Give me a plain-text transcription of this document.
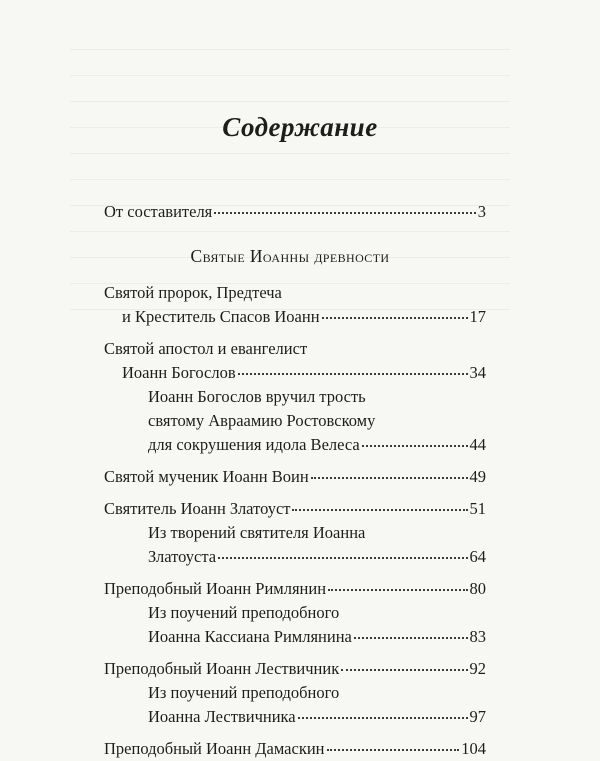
Содержание
От составителя	3
Святые Иоанны древности
Святой пророк, Предтеча
и Креститель Спасов Иоанн	17
Святой апостол и евангелист
Иоанн Богослов	34
Иоанн Богослов вручил трость
святому Авраамию Ростовскому
для сокрушения идола Велеса	44
Святой мученик Иоанн Воин	49
Святитель Иоанн Златоуст	51
Из творений святителя Иоанна
Златоуста	64
Преподобный Иоанн Римлянин	80
Из поучений преподобного
Иоанна Кассиана Римлянина	83
Преподобный Иоанн Лествичник	92
Из поучений преподобного
Иоанна Лествичника	97
Преподобный Иоанн Дамаскин	104
